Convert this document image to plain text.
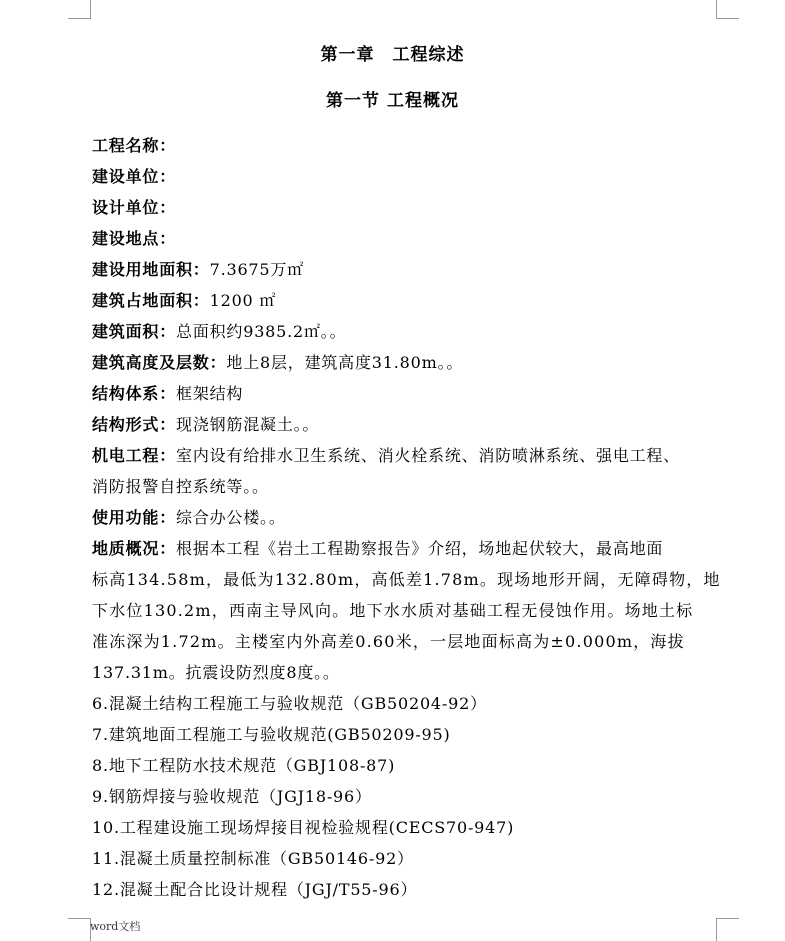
第一章　工程综述
第一节 工程概况
工程名称：
建设单位：
设计单位：
建设地点：
建设用地面积：7.3675万㎡
建筑占地面积：1200 ㎡
建筑面积：总面积约9385.2㎡。。
建筑高度及层数：地上8层，建筑高度31.80m。。
结构体系：框架结构
结构形式：现浇钢筋混凝土。。
机电工程：室内设有给排水卫生系统、消火栓系统、消防喷淋系统、强电工程、
消防报警自控系统等。。
使用功能：综合办公楼。。
地质概况：根据本工程《岩土工程勘察报告》介绍，场地起伏较大，最高地面
标高134.58m，最低为132.80m，高低差1.78m。现场地形开阔，无障碍物，地
下水位130.2m，西南主导风向。地下水水质对基础工程无侵蚀作用。场地土标
准冻深为1.72m。主楼室内外高差0.60米，一层地面标高为±0.000m，海拔
137.31m。抗震设防烈度8度。。
6.混凝土结构工程施工与验收规范（GB50204-92）
7.建筑地面工程施工与验收规范(GB50209-95)
8.地下工程防水技术规范（GBJ108-87)
9.钢筋焊接与验收规范（JGJ18-96）
10.工程建设施工现场焊接目视检验规程(CECS70-947)
11.混凝土质量控制标准（GB50146-92）
12.混凝土配合比设计规程（JGJ/T55-96）
word文档
